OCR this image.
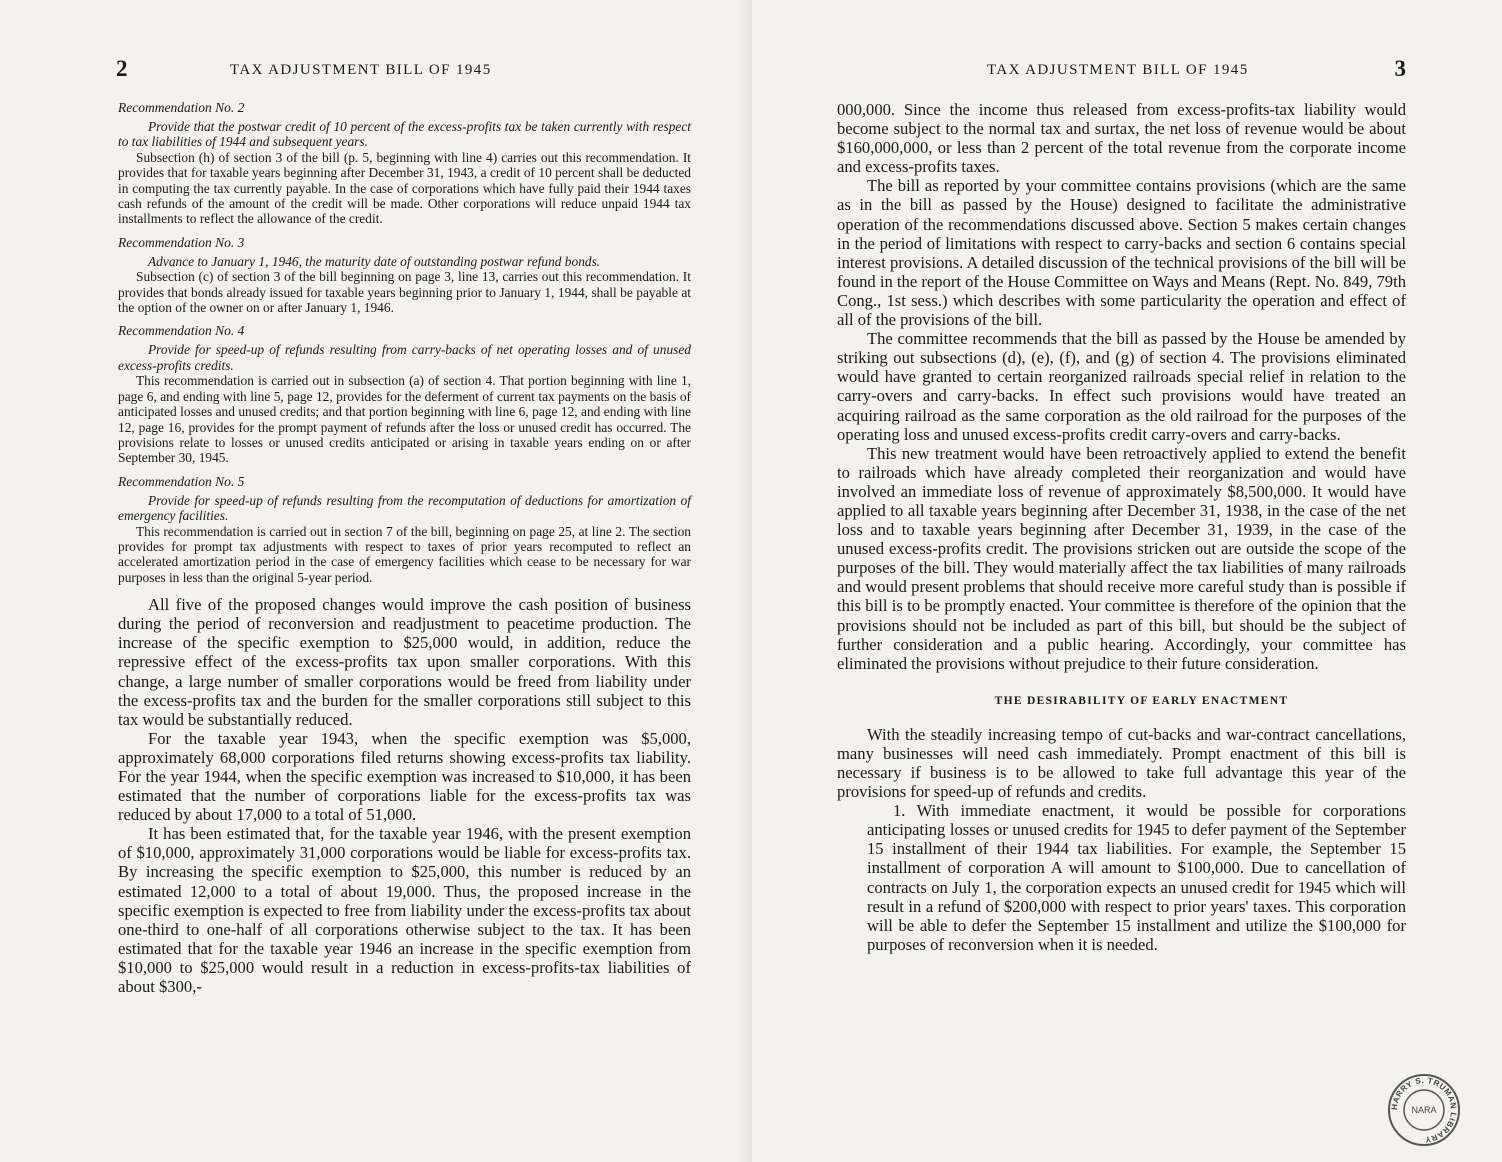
2	TAX ADJUSTMENT BILL OF 1945
Recommendation No. 2

Provide that the postwar credit of 10 percent of the excess-profits tax be taken currently with respect to tax liabilities of 1944 and subsequent years.

Subsection (h) of section 3 of the bill (p. 5, beginning with line 4) carries out this recommendation. It provides that for taxable years beginning after December 31, 1943, a credit of 10 percent shall be deducted in computing the tax currently payable. In the case of corporations which have fully paid their 1944 taxes cash refunds of the amount of the credit will be made. Other corporations will reduce unpaid 1944 tax installments to reflect the allowance of the credit.

Recommendation No. 3

Advance to January 1, 1946, the maturity date of outstanding postwar refund bonds.

Subsection (c) of section 3 of the bill beginning on page 3, line 13, carries out this recommendation. It provides that bonds already issued for taxable years beginning prior to January 1, 1944, shall be payable at the option of the owner on or after January 1, 1946.

Recommendation No. 4

Provide for speed-up of refunds resulting from carry-backs of net operating losses and of unused excess-profits credits.

This recommendation is carried out in subsection (a) of section 4. That portion beginning with line 1, page 6, and ending with line 5, page 12, provides for the deferment of current tax payments on the basis of anticipated losses and unused credits; and that portion beginning with line 6, page 12, and ending with line 12, page 16, provides for the prompt payment of refunds after the loss or unused credit has occurred. The provisions relate to losses or unused credits anticipated or arising in taxable years ending on or after September 30, 1945.

Recommendation No. 5

Provide for speed-up of refunds resulting from the recomputation of deductions for amortization of emergency facilities.

This recommendation is carried out in section 7 of the bill, beginning on page 25, at line 2. The section provides for prompt tax adjustments with respect to taxes of prior years recomputed to reflect an accelerated amortization period in the case of emergency facilities which cease to be necessary for war purposes in less than the original 5-year period.

All five of the proposed changes would improve the cash position of business during the period of reconversion and readjustment to peacetime production. The increase of the specific exemption to $25,000 would, in addition, reduce the repressive effect of the excess-profits tax upon smaller corporations. With this change, a large number of smaller corporations would be freed from liability under the excess-profits tax and the burden for the smaller corporations still subject to this tax would be substantially reduced.

For the taxable year 1943, when the specific exemption was $5,000, approximately 68,000 corporations filed returns showing excess-profits tax liability. For the year 1944, when the specific exemption was increased to $10,000, it has been estimated that the number of corporations liable for the excess-profits tax was reduced by about 17,000 to a total of 51,000.

It has been estimated that, for the taxable year 1946, with the present exemption of $10,000, approximately 31,000 corporations would be liable for excess-profits tax. By increasing the specific exemption to $25,000, this number is reduced by an estimated 12,000 to a total of about 19,000. Thus, the proposed increase in the specific exemption is expected to free from liability under the excess-profits tax about one-third to one-half of all corporations otherwise subject to the tax. It has been estimated that for the taxable year 1946 an increase in the specific exemption from $10,000 to $25,000 would result in a reduction in excess-profits-tax liabilities of about $300,-

TAX ADJUSTMENT BILL OF 1945	3

000,000. Since the income thus released from excess-profits-tax liability would become subject to the normal tax and surtax, the net loss of revenue would be about $160,000,000, or less than 2 percent of the total revenue from the corporate income and excess-profits taxes.

The bill as reported by your committee contains provisions (which are the same as in the bill as passed by the House) designed to facilitate the administrative operation of the recommendations discussed above. Section 5 makes certain changes in the period of limitations with respect to carry-backs and section 6 contains special interest provisions. A detailed discussion of the technical provisions of the bill will be found in the report of the House Committee on Ways and Means (Rept. No. 849, 79th Cong., 1st sess.) which describes with some particularity the operation and effect of all of the provisions of the bill.

The committee recommends that the bill as passed by the House be amended by striking out subsections (d), (e), (f), and (g) of section 4. The provisions eliminated would have granted to certain reorganized railroads special relief in relation to the carry-overs and carry-backs. In effect such provisions would have treated an acquiring railroad as the same corporation as the old railroad for the purposes of the operating loss and unused excess-profits credit carry-overs and carry-backs.

This new treatment would have been retroactively applied to extend the benefit to railroads which have already completed their reorganization and would have involved an immediate loss of revenue of approximately $8,500,000. It would have applied to all taxable years beginning after December 31, 1938, in the case of the net loss and to taxable years beginning after December 31, 1939, in the case of the unused excess-profits credit. The provisions stricken out are outside the scope of the purposes of the bill. They would materially affect the tax liabilities of many railroads and would present problems that should receive more careful study than is possible if this bill is to be promptly enacted. Your committee is therefore of the opinion that the provisions should not be included as part of this bill, but should be the subject of further consideration and a public hearing. Accordingly, your committee has eliminated the provisions without prejudice to their future consideration.

THE DESIRABILITY OF EARLY ENACTMENT

With the steadily increasing tempo of cut-backs and war-contract cancellations, many businesses will need cash immediately. Prompt enactment of this bill is necessary if business is to be allowed to take full advantage this year of the provisions for speed-up of refunds and credits.

1. With immediate enactment, it would be possible for corporations anticipating losses or unused credits for 1945 to defer payment of the September 15 installment of their 1944 tax liabilities. For example, the September 15 installment of corporation A will amount to $100,000. Due to cancellation of contracts on July 1, the corporation expects an unused credit for 1945 which will result in a refund of $200,000 with respect to prior years' taxes. This corporation will be able to defer the September 15 installment and utilize the $100,000 for purposes of reconversion when it is needed.

HARRY S. TRUMAN LIBRARY
NARA
